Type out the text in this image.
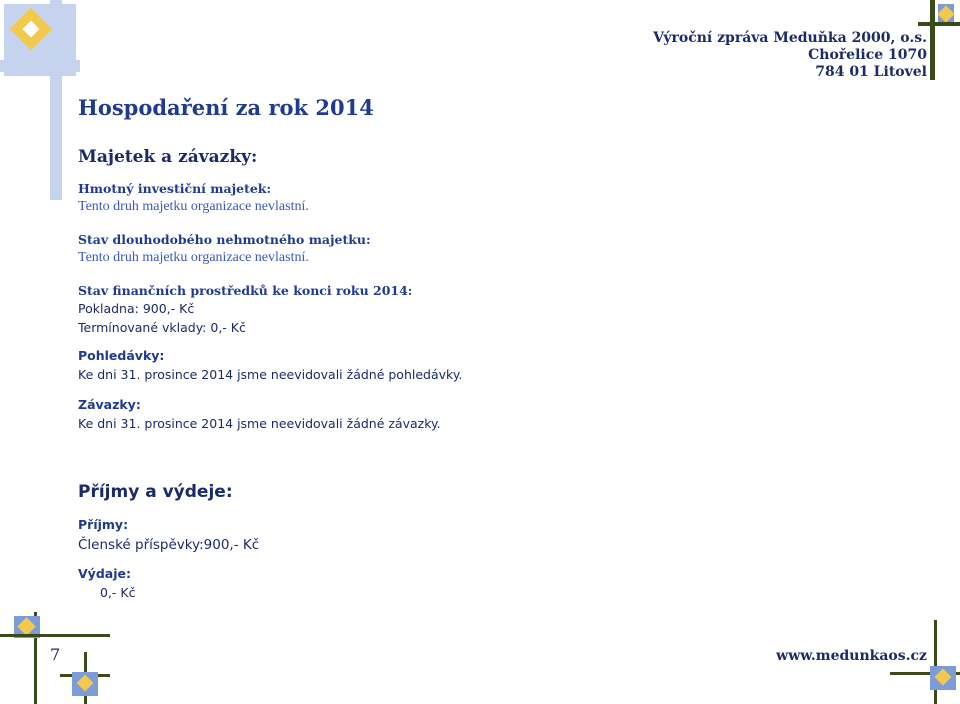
Výroční zpráva Meduňka 2000, o.s.
Chořelice 1070
784 01 Litovel
Hospodaření za rok 2014
Majetek a závazky:
Hmotný investiční majetek:
Tento druh majetku organizace nevlastní.
Stav dlouhodobého nehmotného majetku:
Tento druh majetku organizace nevlastní.
Stav finančních prostředků ke konci roku 2014:
Pokladna: 900,- Kč
Termínované vklady: 0,- Kč
Pohledávky:
Ke dni 31. prosince 2014 jsme neevidovali žádné pohledávky.
Závazky:
Ke dni 31. prosince 2014 jsme neevidovali žádné závazky.
Příjmy a výdeje:
Příjmy:
Členské příspěvky:900,- Kč
Výdaje:
0,- Kč
7	www.medunkaos.cz
